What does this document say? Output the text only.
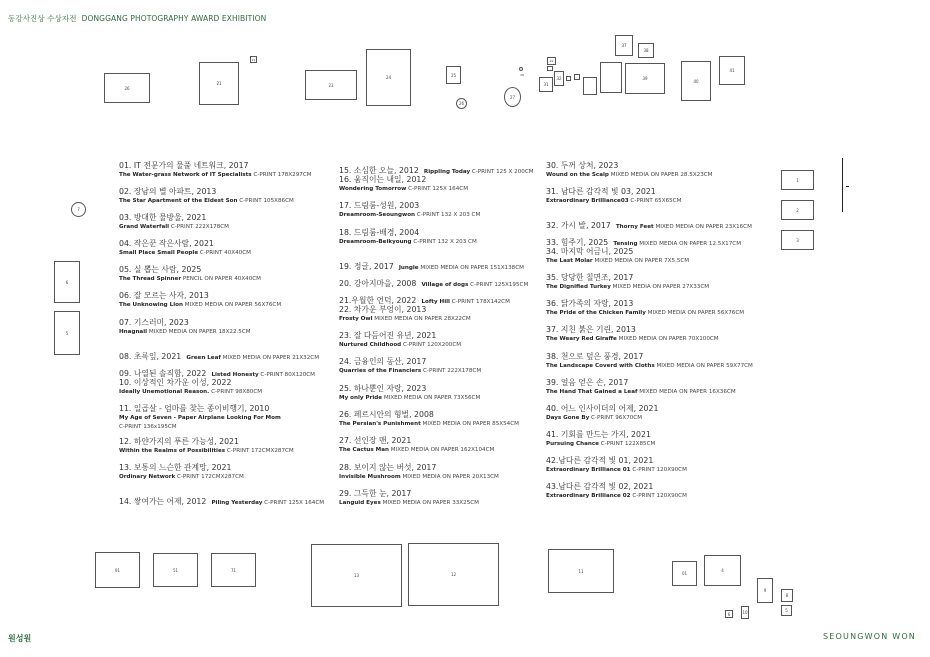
동강사진상 수상자전 DONGGANG PHOTOGRAPHY AWARD EXHIBITION
26
21
22
23
24	25
26
27
28
29
31
32
37
38
39	40
41
1
2
3
7
6
5
91	51	71
13	12
11	01
4
9
8
5
10
6
01. IT 전문가의 물풀 네트워크, 2017
The Water-grass Network of IT Specialists C-PRINT 178X297CM
02. 장남의 별 아파트, 2013
The Star Apartment of the Eldest Son C-PRINT 105X86CM
03. 방대한 물방울, 2021
Grand Waterfall C-PRINT 222X178CM
04. 작은꾼 작은사람, 2021
Small Place Small People C-PRINT 40X40CM
05. 실 뽑는 사람, 2025
The Thread Spinner PENCIL ON PAPER 40X40CM
06. 잘 모르는 사자, 2013
The Unknowing Lion MIXED MEDIA ON PAPER 56X76CM
07. 기스러미, 2023
Hnagnail MIXED MEDIA ON PAPER 18X22.5CM
08. 초록잎, 2021 Green Leaf MIXED MEDIA ON PAPER 21X32CM
09. 나열된 솔직함, 2022 Listed Honesty C-PRINT 80X120CM
10. 이상적인 차가운 이성, 2022
Ideally Unemotional Reason. C-PRINT 98X80CM
11. 일곱살 - 엄마를 찾는 종이비행기, 2010
My Age of Seven - Paper Airplane Looking For Mom
C-PRINT 136x195CM
12. 하얀가지의 푸른 가능성, 2021
Within the Realms of Possibilities C-PRINT 172CMX287CM
13. 보통의 느슨한 관계망, 2021
Ordinary Network C-PRINT 172CMX287CM
14. 쌓여가는 어제, 2012 Piling Yesterday C-PRINT 125X 164CM
15. 소심한 오늘, 2012 Rippling Today C-PRINT 125 X 200CM
16. 움직이는 내일, 2012
Wondering Tomorrow C-PRINT 125X 164CM
17. 드림룸-성원, 2003
Dreamroom-Seoungwon C-PRINT 132 X 203 CM
18. 드림룸-배경, 2004
Dreamroom-Beikyoung C-PRINT 132 X 203 CM
19. 정글, 2017 Jungle MIXED MEDIA ON PAPER 151X138CM
20. 강아지마을, 2008 Village of dogs C-PRINT 125X195CM
21.우월한 언덕, 2022 Lofty Hill C-PRINT 178X142CM
22. 차가운 부엉이, 2013
Frosty Owl MIXED MEDIA ON PAPER 28X22CM
23. 잘 다듬어진 유년, 2021
Nurtured Childhood C-PRINT 120X200CM
24. 금융인의 동산, 2017
Quarries of the Financiers C-PRINT 222X178CM
25. 하나뿐인 자랑, 2023
My only Pride MIXED MEDIA ON PAPER 73X56CM
26. 페르시안의 형벌, 2008
The Persian's Punishment MIXED MEDIA ON PAPER 85X54CM
27. 선인장 맨, 2021
The Cactus Man MIXED MEDIA ON PAPER 162X104CM
28. 보이지 않는 버섯, 2017
Invisible Mushroom MIXED MEDIA ON PAPER 20X13CM
29. 그득한 눈, 2017
Languid Eyes MIXED MEDIA ON PAPER 33X25CM
30. 두꺼 상처, 2023
Wound on the Scalp MIXED MEDIA ON PAPER 28.5X23CM
31. 남다른 감각적 빛 03, 2021
Extraordinary Brilliance03 C-PRINT 65X65CM
32. 가시 발, 2017 Thorny Feet MIXED MEDIA ON PAPER 23X16CM
33. 힘주기, 2025 Tensing MIXED MEDIA ON PAPER 12.5X17CM
34. 마지막 어금니, 2025
The Last Molar MIXED MEDIA ON PAPER 7X5.5CM
35. 당당한 칠면조, 2017
The Dignified Turkey MIXED MEDIA ON PAPER 27X33CM
36. 닭가족의 자랑, 2013
The Pride of the Chicken Family MIXED MEDIA ON PAPER 56X76CM
37. 지친 붉은 기린, 2013
The Weary Red Giraffe MIXED MEDIA ON PAPER 70X100CM
38. 천으로 덮은 풍경, 2017
The Landscape Coverd with Cloths MIXED MEDIA ON PAPER 59X77CM
39. 얼음 얻은 손, 2017
The Hand That Gained a Leaf MIXED MEDIA ON PAPER 16X36CM
40. 어느 인사이더의 어제, 2021
Days Gone By C-PRINT 96X70CM
41. 기회를 만드는 가지, 2021
Pursuing Chance C-PRINT 122X85CM
42.남다른 감각적 빛 01, 2021
Extraordinary Brilliance 01 C-PRINT 120X90CM
43.남다른 감각적 빛 02, 2021
Extraordinary Brilliance 02 C-PRINT 120X90CM
원성원	SEOUNGWON WON
